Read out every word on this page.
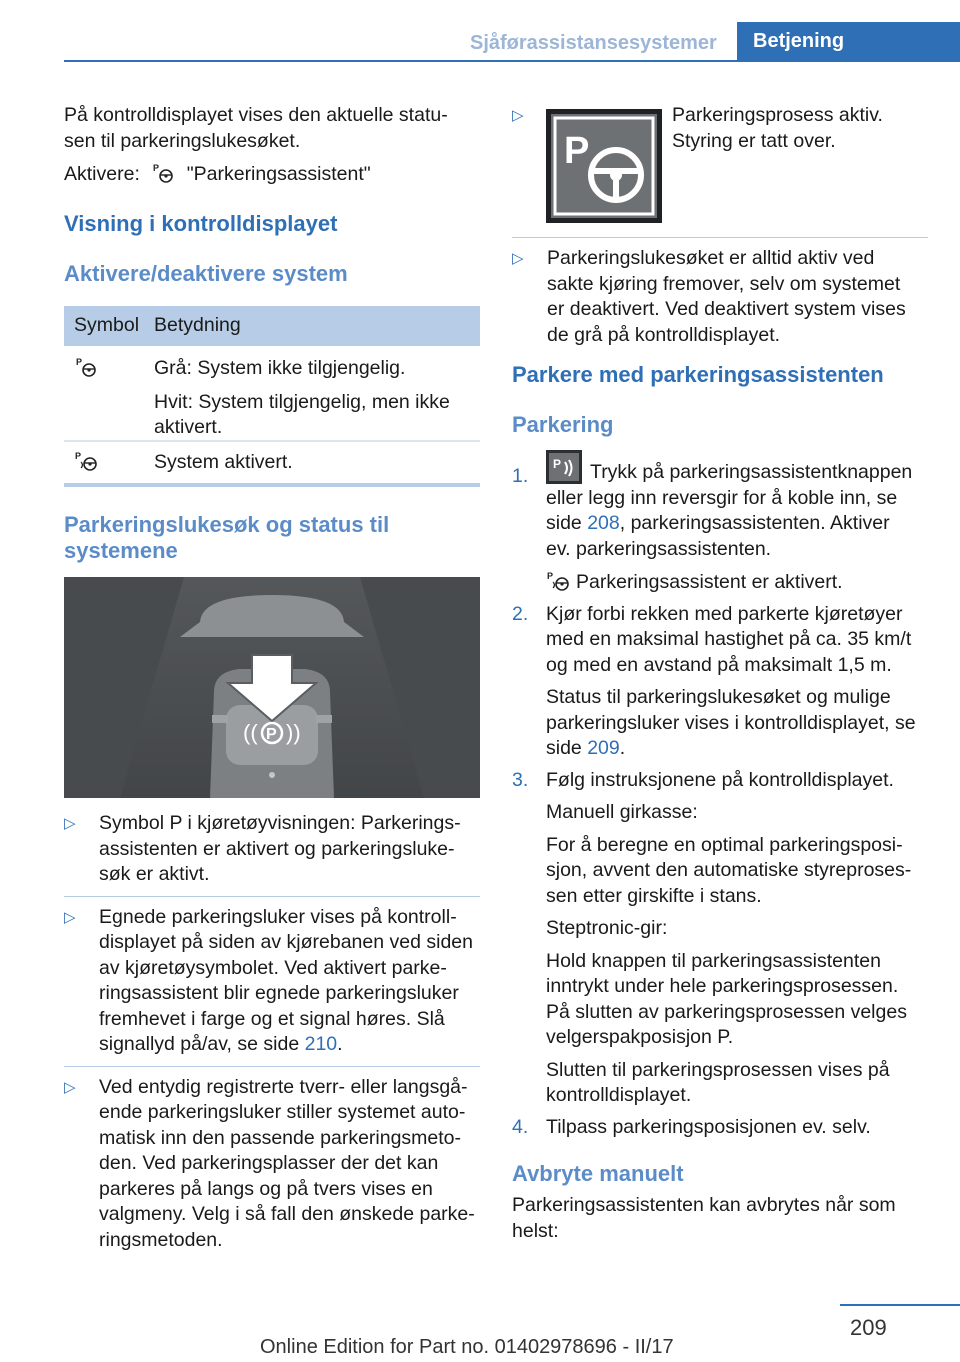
Sjåførassistansesystemer Betjening
På kontrolldisplayet vises den aktuelle statu-
sen til parkeringslukesøket.
Aktivere: P "Parkeringsassistent"
Visning i kontrolldisplayet
Aktivere/deaktivere system
Symbol Betydning
P	Grå: System ikke tilgjengelig.
Hvit: System tilgjengelig, men ikke
aktivert.
P	System aktivert.
Parkeringslukesøk og status til
systemene
(( P ))
▷ Symbol P i kjøretøyvisningen: Parkerings-
assistenten er aktivert og parkeringsluke-
søk er aktivt.
▷ Egnede parkeringsluker vises på kontroll-
displayet på siden av kjørebanen ved siden
av kjøretøysymbolet. Ved aktivert parke-
ringsassistent blir egnede parkeringsluker
fremhevet i farge og et signal høres. Slå
signallyd på/av, se side 210.
▷ Ved entydig registrerte tverr- eller langsgå-
ende parkeringsluker stiller systemet auto-
matisk inn den passende parkeringsmeto-
den. Ved parkeringsplasser der det kan
parkeres på langs og på tvers vises en
valgmeny. Velg i så fall den ønskede parke-
ringsmetoden.
▷
P
Parkeringsprosess aktiv.
Styring er tatt over.
▷ Parkeringslukesøket er alltid aktiv ved
sakte kjøring fremover, selv om systemet
er deaktivert. Ved deaktivert system vises
de grå på kontrolldisplayet.
Parkere med parkeringsassistenten
Parkering
1.
P Trykk på parkeringsassistentknappen
eller legg inn reversgir for å koble inn, se
side 208, parkeringsassistenten. Aktiver
ev. parkeringsassistenten.
P Parkeringsassistent er aktivert.
2. Kjør forbi rekken med parkerte kjøretøyer
med en maksimal hastighet på ca. 35 km/t
og med en avstand på maksimalt 1,5 m.
Status til parkeringslukesøket og mulige
parkeringsluker vises i kontrolldisplayet, se
side 209.
3. Følg instruksjonene på kontrolldisplayet.
Manuell girkasse:
For å beregne en optimal parkeringsposi-
sjon, avvent den automatiske styreproses-
sen etter girskifte i stans.
Steptronic-gir:
Hold knappen til parkeringsassistenten
inntrykt under hele parkeringsprosessen.
På slutten av parkeringsprosessen velges
velgerspakposisjon P.
Slutten til parkeringsprosessen vises på
kontrolldisplayet.
4. Tilpass parkeringsposisjonen ev. selv.
Avbryte manuelt
Parkeringsassistenten kan avbrytes når som
helst:
209
Online Edition for Part no. 01402978696 - II/17
